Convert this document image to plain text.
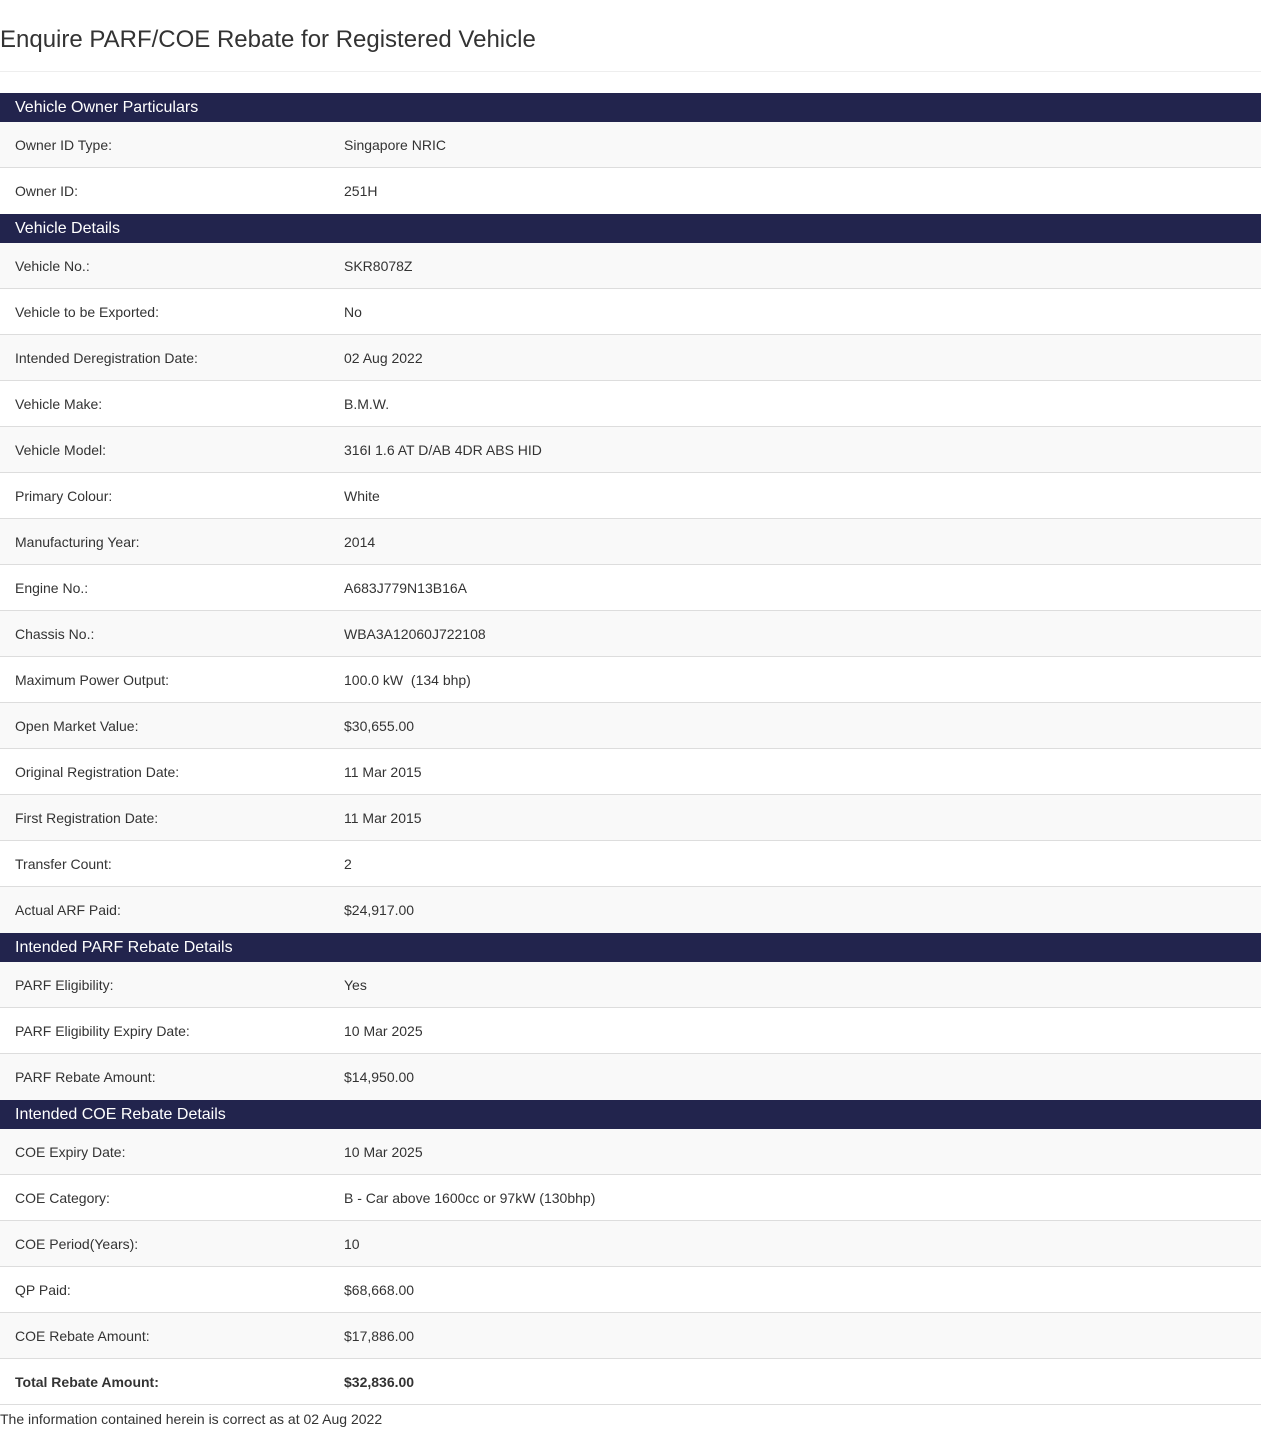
Enquire PARF/COE Rebate for Registered Vehicle
Vehicle Owner Particulars
Owner ID Type:	Singapore NRIC
Owner ID:	251H
Vehicle Details
Vehicle No.:	SKR8078Z
Vehicle to be Exported:	No
Intended Deregistration Date:	02 Aug 2022
Vehicle Make:	B.M.W.
Vehicle Model:	316I 1.6 AT D/AB 4DR ABS HID
Primary Colour:	White
Manufacturing Year:	2014
Engine No.:	A683J779N13B16A
Chassis No.:	WBA3A12060J722108
Maximum Power Output:	100.0 kW  (134 bhp)
Open Market Value:	$30,655.00
Original Registration Date:	11 Mar 2015
First Registration Date:	11 Mar 2015
Transfer Count:	2
Actual ARF Paid:	$24,917.00
Intended PARF Rebate Details
PARF Eligibility:	Yes
PARF Eligibility Expiry Date:	10 Mar 2025
PARF Rebate Amount:	$14,950.00
Intended COE Rebate Details
COE Expiry Date:	10 Mar 2025
COE Category:	B - Car above 1600cc or 97kW (130bhp)
COE Period(Years):	10
QP Paid:	$68,668.00
COE Rebate Amount:	$17,886.00
Total Rebate Amount:	$32,836.00
The information contained herein is correct as at 02 Aug 2022
